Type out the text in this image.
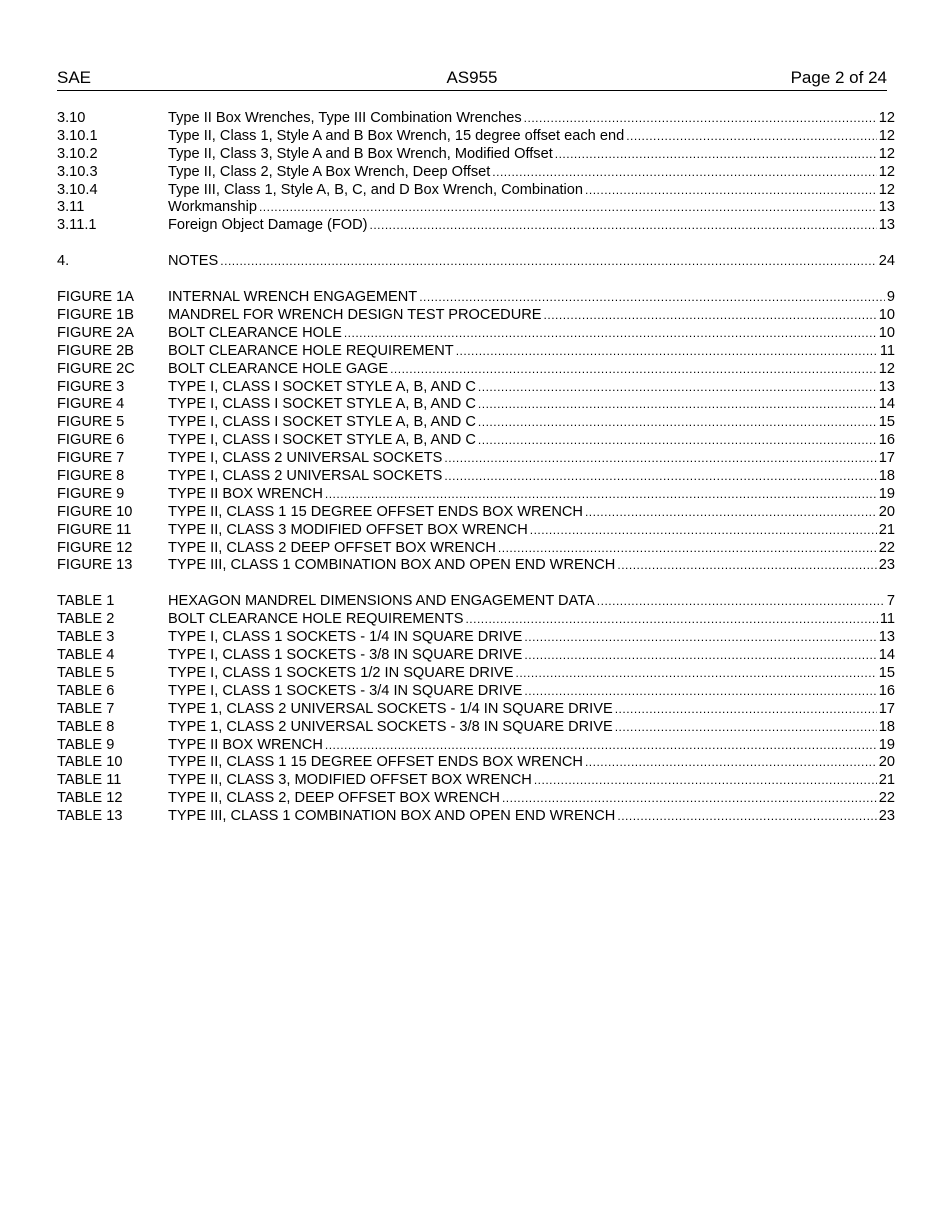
SAE	AS955	Page 2 of 24
3.10	Type II Box Wrenches, Type III Combination Wrenches .....	12
3.10.1	Type II, Class 1, Style A and B Box Wrench, 15 degree offset each end .....	12
3.10.2	Type II, Class 3, Style A and B Box Wrench, Modified Offset .....	12
3.10.3	Type II, Class 2, Style A Box Wrench, Deep Offset .....	12
3.10.4	Type III, Class 1, Style A, B, C, and D Box Wrench, Combination .....	12
3.11	Workmanship .....	13
3.11.1	Foreign Object Damage (FOD) .....	13
4.	NOTES .....	24
FIGURE 1A	INTERNAL WRENCH ENGAGEMENT .....	9
FIGURE 1B	MANDREL FOR WRENCH DESIGN TEST PROCEDURE .....	10
FIGURE 2A	BOLT CLEARANCE HOLE .....	10
FIGURE 2B	BOLT CLEARANCE HOLE REQUIREMENT .....	11
FIGURE 2C	BOLT CLEARANCE HOLE GAGE .....	12
FIGURE 3	TYPE I, CLASS I SOCKET STYLE A, B, AND C .....	13
FIGURE 4	TYPE I, CLASS I SOCKET STYLE A, B, AND C .....	14
FIGURE 5	TYPE I, CLASS I SOCKET STYLE A, B, AND C .....	15
FIGURE 6	TYPE I, CLASS I SOCKET STYLE A, B, AND C .....	16
FIGURE 7	TYPE I, CLASS 2 UNIVERSAL SOCKETS .....	17
FIGURE 8	TYPE I, CLASS 2 UNIVERSAL SOCKETS .....	18
FIGURE 9	TYPE II BOX WRENCH .....	19
FIGURE 10	TYPE II, CLASS 1 15 DEGREE OFFSET ENDS BOX WRENCH .....	20
FIGURE 11	TYPE II, CLASS 3 MODIFIED OFFSET BOX WRENCH .....	21
FIGURE 12	TYPE II, CLASS 2 DEEP OFFSET BOX WRENCH .....	22
FIGURE 13	TYPE III, CLASS 1 COMBINATION BOX AND OPEN END WRENCH .....	23
TABLE 1	HEXAGON MANDREL DIMENSIONS AND ENGAGEMENT DATA .....	7
TABLE 2	BOLT CLEARANCE HOLE REQUIREMENTS .....	11
TABLE 3	TYPE I, CLASS 1 SOCKETS - 1/4 IN SQUARE DRIVE .....	13
TABLE 4	TYPE I, CLASS 1 SOCKETS - 3/8 IN SQUARE DRIVE .....	14
TABLE 5	TYPE I, CLASS 1 SOCKETS 1/2 IN SQUARE DRIVE .....	15
TABLE 6	TYPE I, CLASS 1 SOCKETS - 3/4 IN SQUARE DRIVE .....	16
TABLE 7	TYPE 1, CLASS 2 UNIVERSAL SOCKETS - 1/4 IN SQUARE DRIVE .....	17
TABLE 8	TYPE 1, CLASS 2 UNIVERSAL SOCKETS - 3/8 IN SQUARE DRIVE .....	18
TABLE 9	TYPE II BOX WRENCH .....	19
TABLE 10	TYPE II, CLASS 1 15 DEGREE OFFSET ENDS BOX WRENCH .....	20
TABLE 11	TYPE II, CLASS 3, MODIFIED OFFSET BOX WRENCH .....	21
TABLE 12	TYPE II, CLASS 2, DEEP OFFSET BOX WRENCH .....	22
TABLE 13	TYPE III, CLASS 1 COMBINATION BOX AND OPEN END WRENCH .....	23
